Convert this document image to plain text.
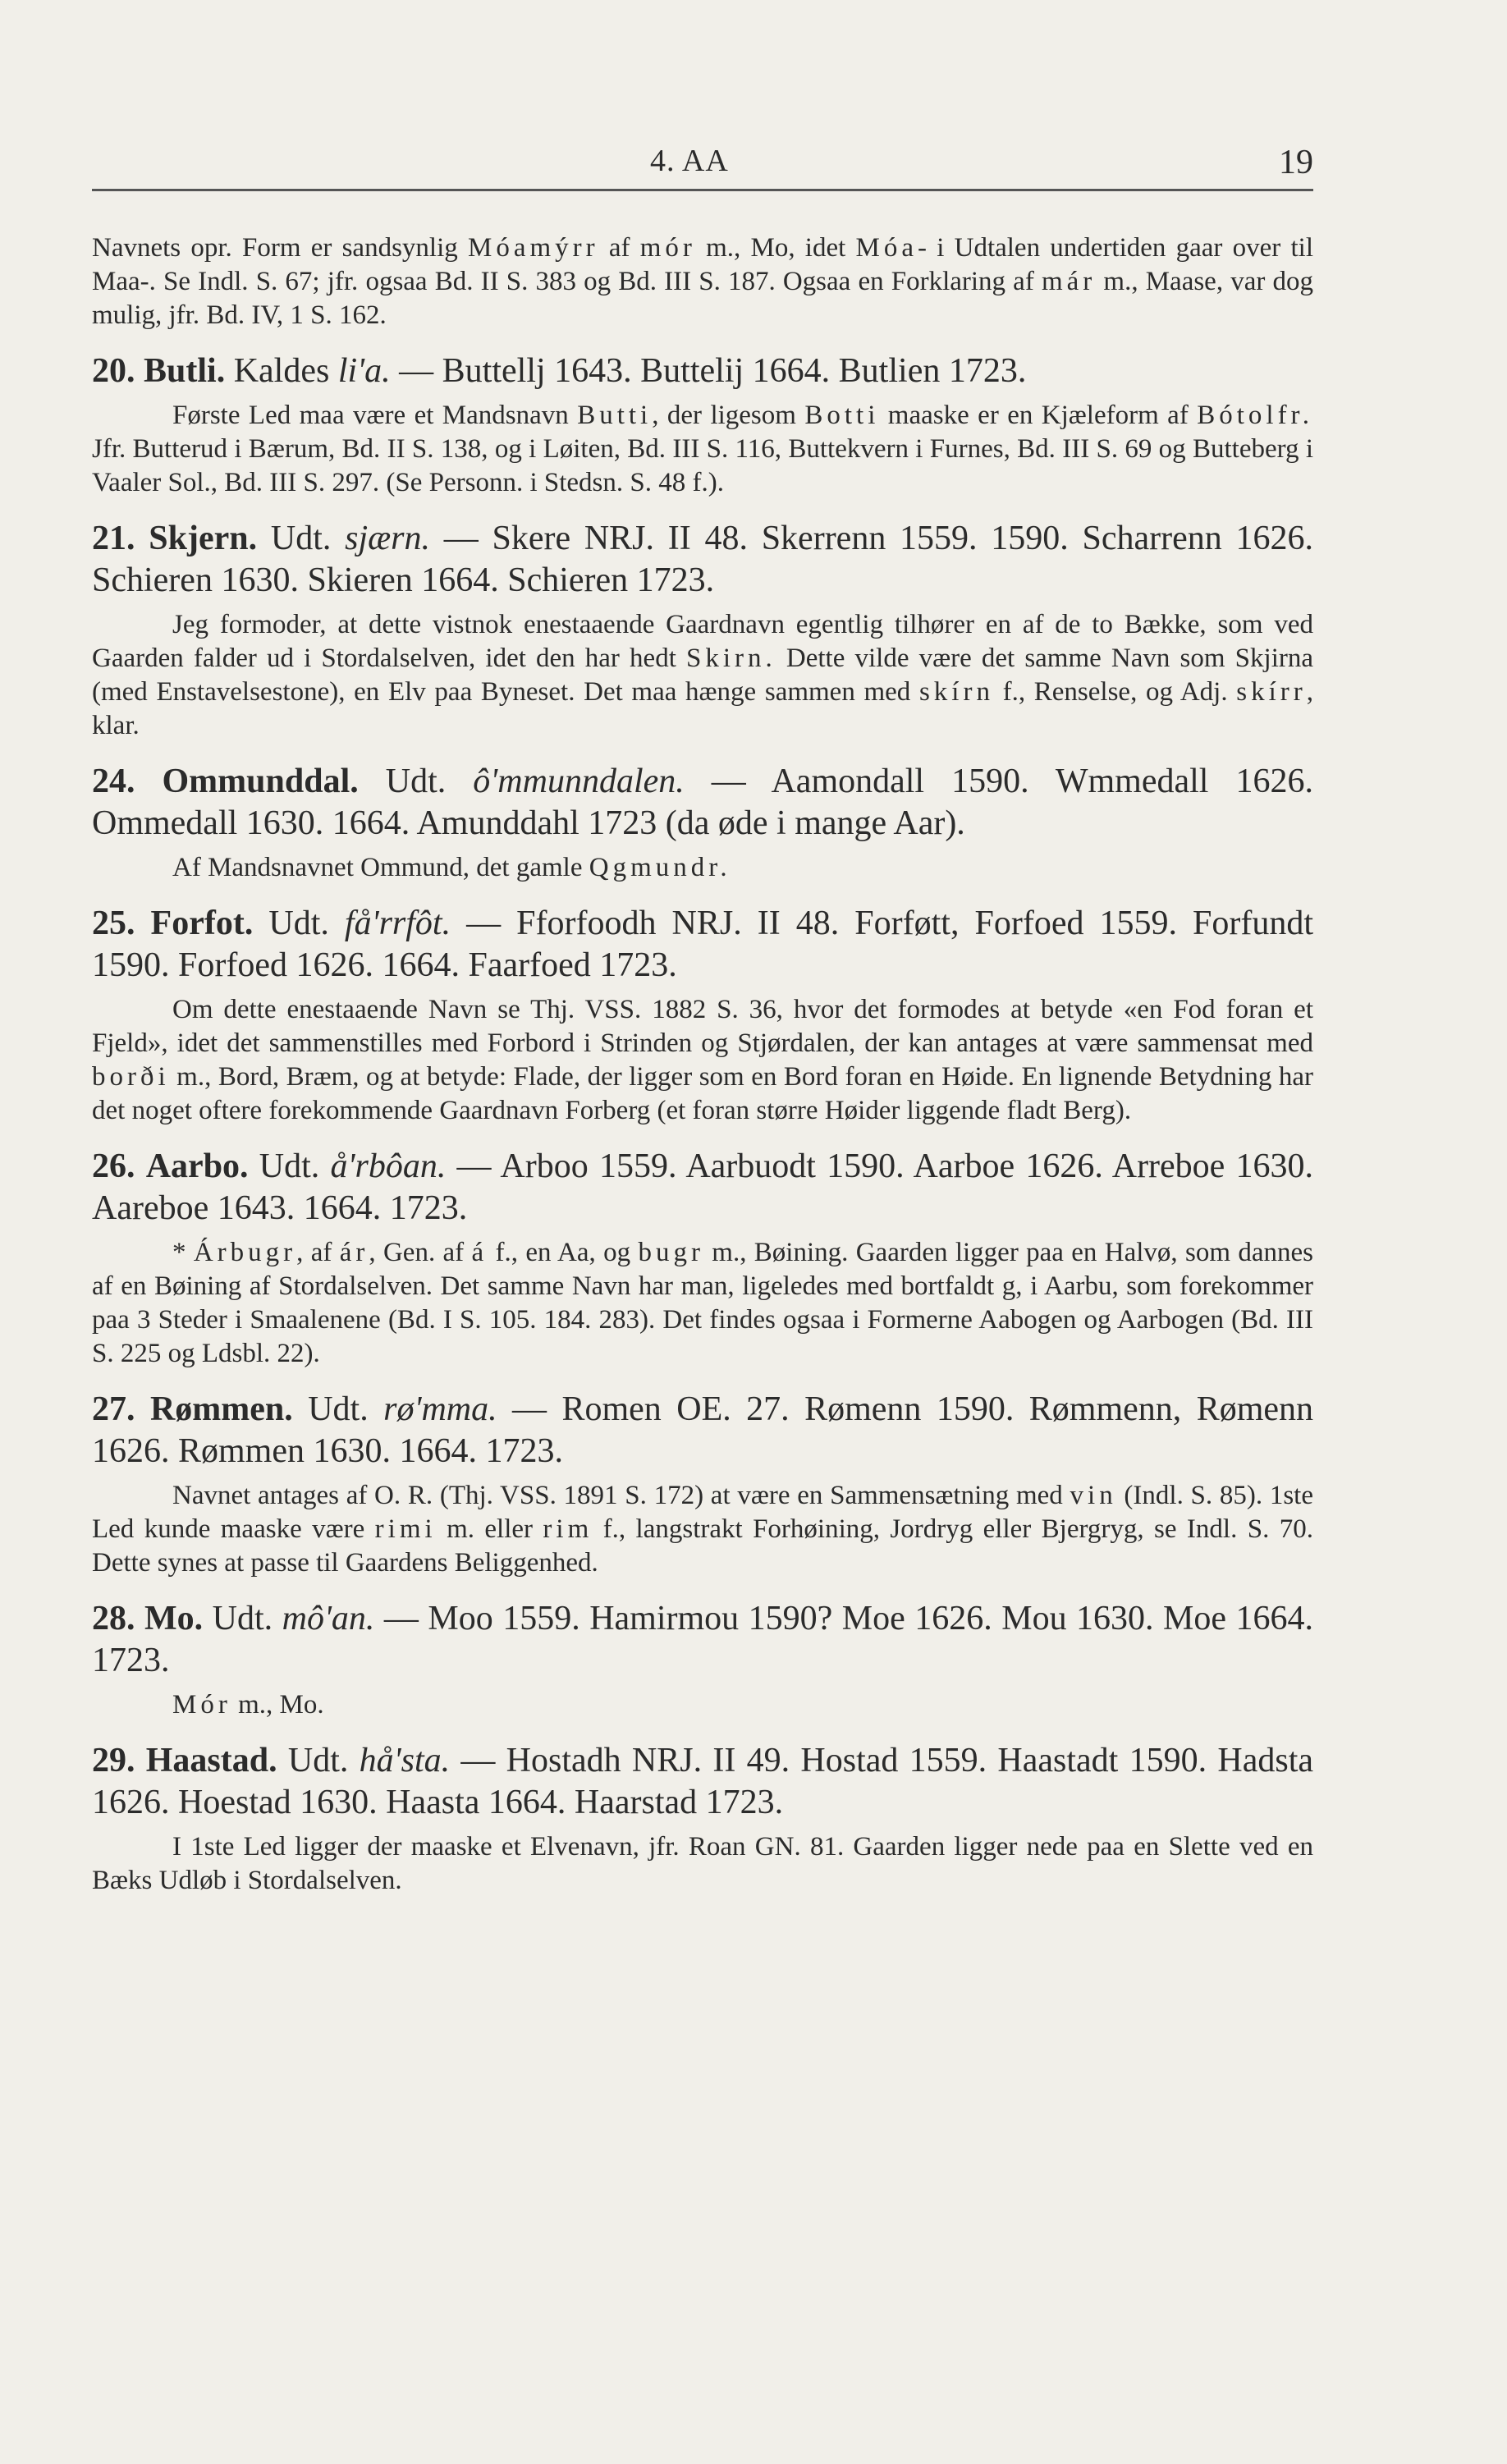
4. AA	19

Navnets opr. Form er sandsynlig Móamýrr af mór m., Mo, idet Móa- i Udtalen undertiden gaar over til Maa-. Se Indl. S. 67; jfr. ogsaa Bd. II S. 383 og Bd. III S. 187. Ogsaa en Forklaring af már m., Maase, var dog mulig, jfr. Bd. IV, 1 S. 162.

20. Butli. Kaldes li'a. — Buttellj 1643. Buttelij 1664. Butlien 1723.

Første Led maa være et Mandsnavn Butti, der ligesom Botti maaske er en Kjæleform af Bótolfr. Jfr. Butterud i Bærum, Bd. II S. 138, og i Løiten, Bd. III S. 116, Buttekvern i Furnes, Bd. III S. 69 og Butteberg i Vaaler Sol., Bd. III S. 297. (Se Personn. i Stedsn. S. 48 f.).

21. Skjern. Udt. sjærn. — Skere NRJ. II 48. Skerrenn 1559. 1590. Scharrenn 1626. Schieren 1630. Skieren 1664. Schieren 1723.

Jeg formoder, at dette vistnok enestaaende Gaardnavn egentlig tilhører en af de to Bække, som ved Gaarden falder ud i Stordalselven, idet den har hedt Skirn. Dette vilde være det samme Navn som Skjirna (med Enstavelsestone), en Elv paa Byneset. Det maa hænge sammen med skírn f., Renselse, og Adj. skírr, klar.

24. Ommunddal. Udt. ô'mmunndalen. — Aamondall 1590. Wmmedall 1626. Ommedall 1630. 1664. Amunddahl 1723 (da øde i mange Aar).

Af Mandsnavnet Ommund, det gamle Qgmundr.

25. Forfot. Udt. få'rrfôt. — Fforfoodh NRJ. II 48. Forføtt, Forfoed 1559. Forfundt 1590. Forfoed 1626. 1664. Faarfoed 1723.

Om dette enestaaende Navn se Thj. VSS. 1882 S. 36, hvor det formodes at betyde «en Fod foran et Fjeld», idet det sammenstilles med Forbord i Strinden og Stjørdalen, der kan antages at være sammensat med borði m., Bord, Bræm, og at betyde: Flade, der ligger som en Bord foran en Høide. En lignende Betydning har det noget oftere forekommende Gaardnavn Forberg (et foran større Høider liggende fladt Berg).

26. Aarbo. Udt. å'rbôan. — Arboo 1559. Aarbuodt 1590. Aarboe 1626. Arreboe 1630. Aareboe 1643. 1664. 1723.

* Árbugr, af ár, Gen. af á f., en Aa, og bugr m., Bøining. Gaarden ligger paa en Halvø, som dannes af en Bøining af Stordalselven. Det samme Navn har man, ligeledes med bortfaldt g, i Aarbu, som forekommer paa 3 Steder i Smaalenene (Bd. I S. 105. 184. 283). Det findes ogsaa i Formerne Aabogen og Aarbogen (Bd. III S. 225 og Ldsbl. 22).

27. Rømmen. Udt. rø'mma. — Romen OE. 27. Rømenn 1590. Rømmenn, Rømenn 1626. Rømmen 1630. 1664. 1723.

Navnet antages af O. R. (Thj. VSS. 1891 S. 172) at være en Sammensætning med vin (Indl. S. 85). 1ste Led kunde maaske være rimi m. eller rim f., langstrakt Forhøining, Jordryg eller Bjergryg, se Indl. S. 70. Dette synes at passe til Gaardens Beliggenhed.

28. Mo. Udt. mô'an. — Moo 1559. Hamirmou 1590? Moe 1626. Mou 1630. Moe 1664. 1723.

Mór m., Mo.

29. Haastad. Udt. hå'sta. — Hostadh NRJ. II 49. Hostad 1559. Haastadt 1590. Hadsta 1626. Hoestad 1630. Haasta 1664. Haarstad 1723.

I 1ste Led ligger der maaske et Elvenavn, jfr. Roan GN. 81. Gaarden ligger nede paa en Slette ved en Bæks Udløb i Stordalselven.
